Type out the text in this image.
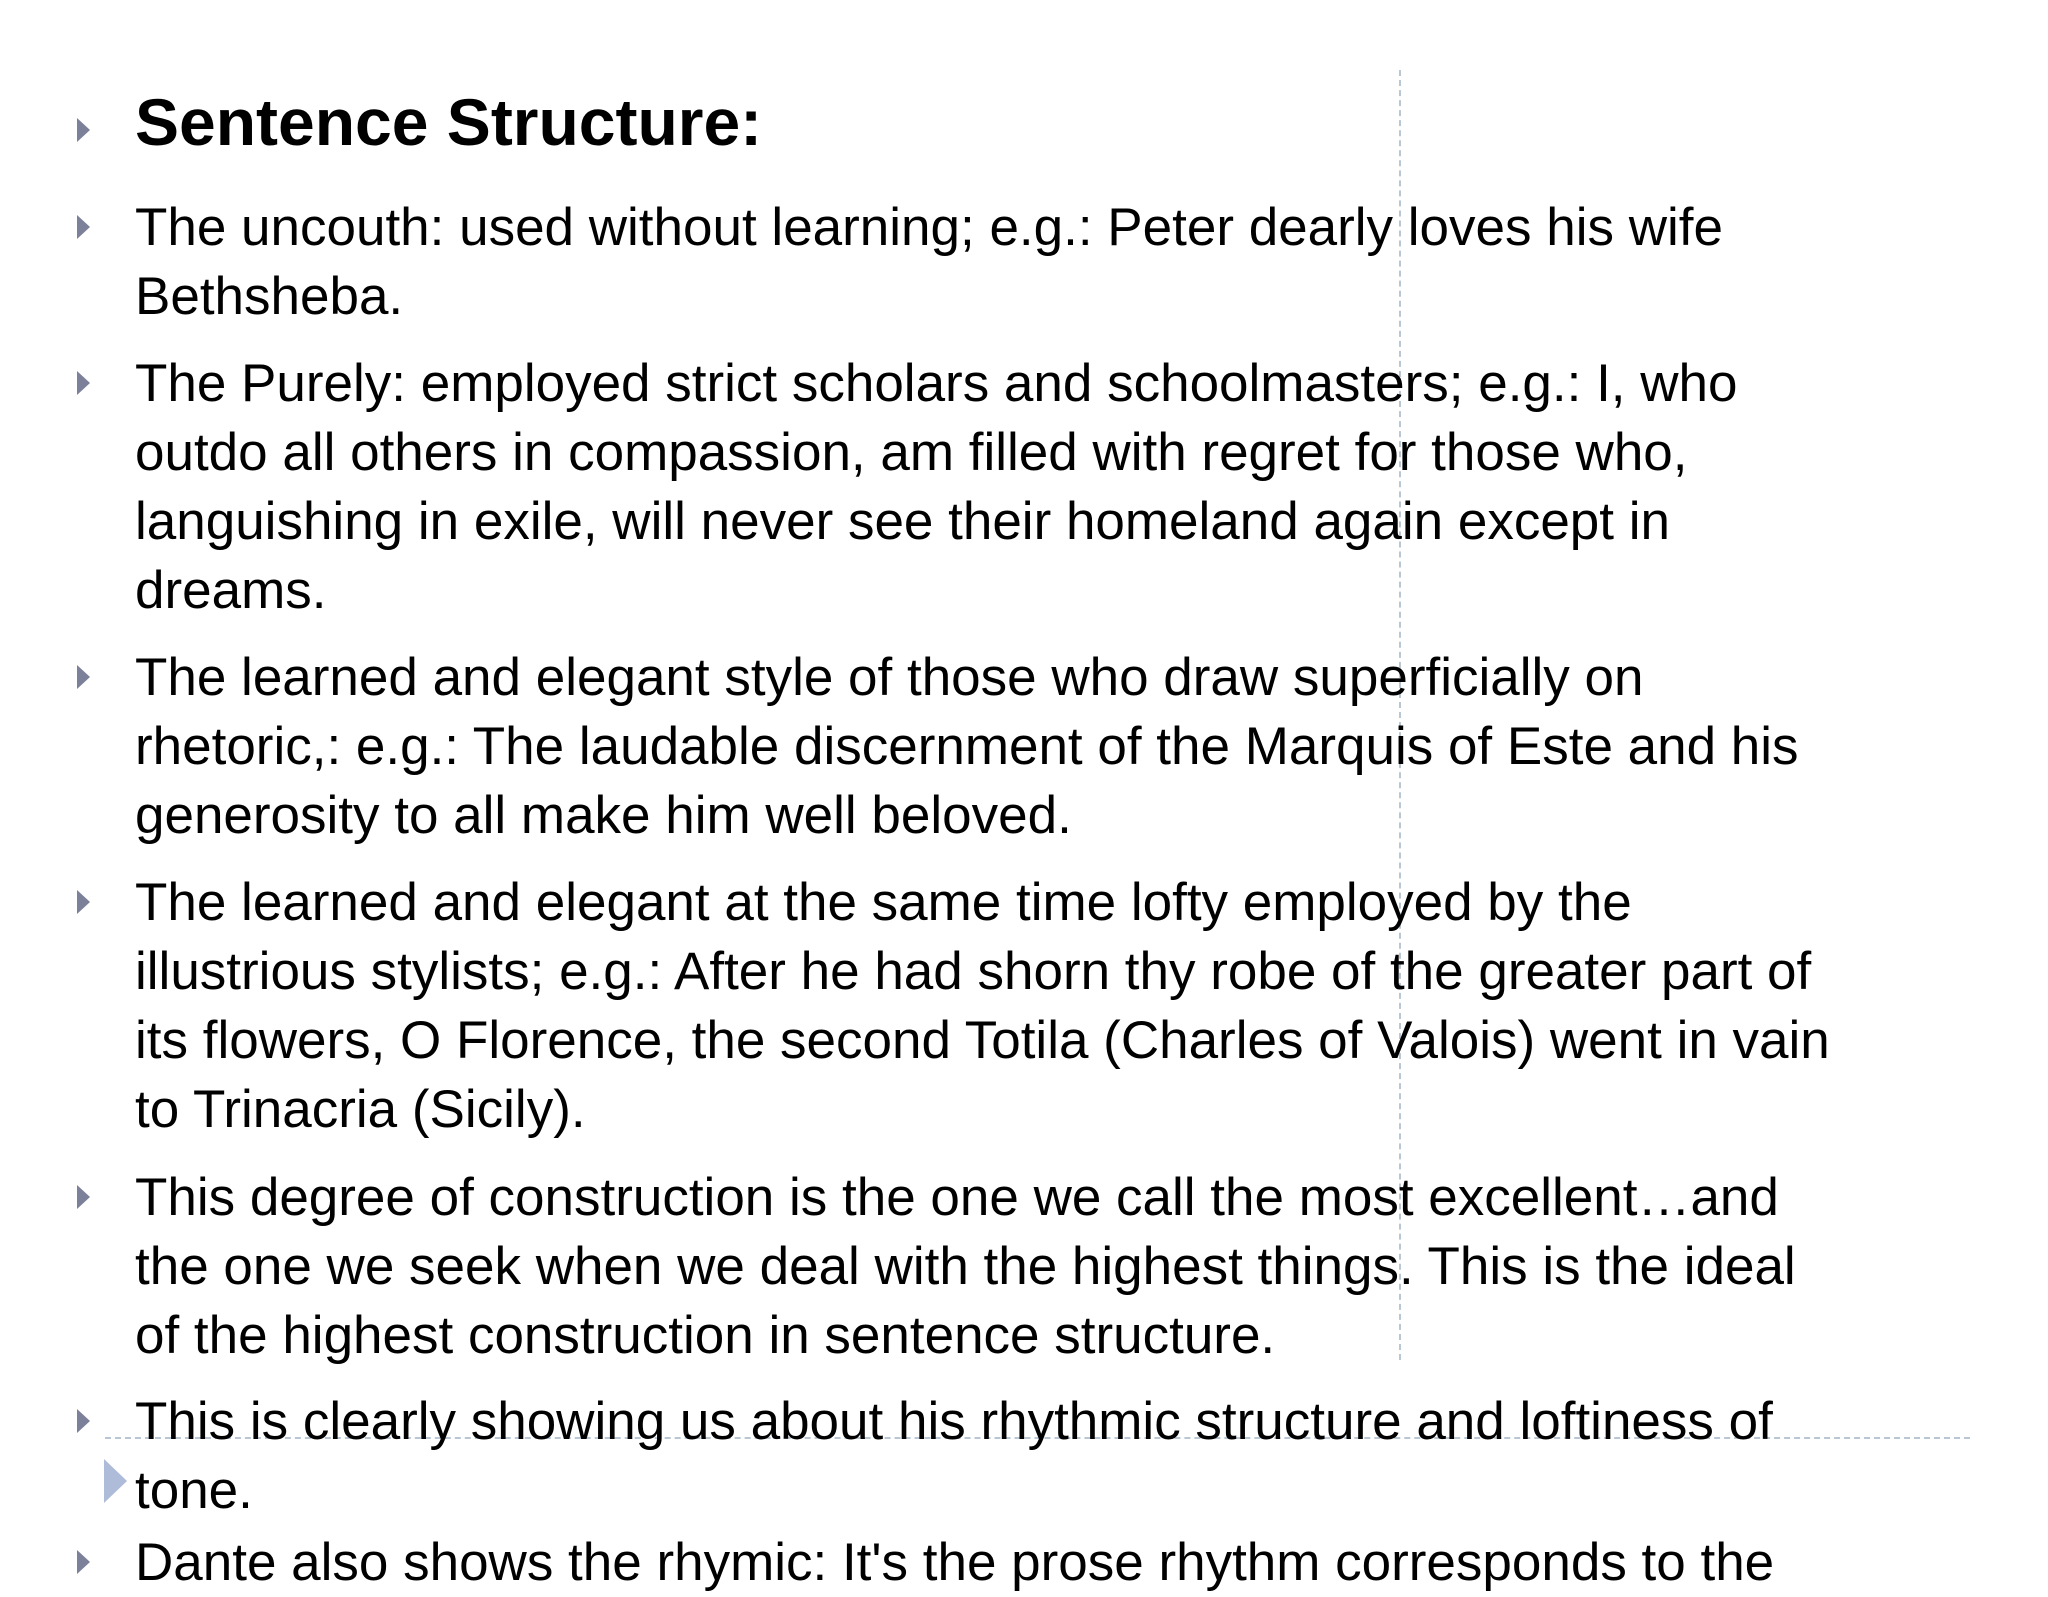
Sentence Structure:
The uncouth: used without learning; e.g.: Peter dearly loves his wife
Bethsheba.
The Purely: employed strict scholars and schoolmasters; e.g.: I, who
outdo all others in compassion, am filled with regret for those who,
languishing in exile, will never see their homeland again except in
dreams.
The learned and elegant style of those who draw superficially on
rhetoric,: e.g.: The laudable discernment of the Marquis of Este and his
generosity to all make him well beloved.
The learned and elegant at the same time lofty employed by the
illustrious stylists; e.g.: After he had shorn thy robe of the greater part of
its flowers, O Florence, the second Totila (Charles of Valois) went in vain
to Trinacria (Sicily).
This degree of construction is the one we call the most excellent…and
the one we seek when we deal with the highest things. This is the ideal
of the highest construction in sentence structure.
This is clearly showing us about his rhythmic structure and loftiness of
tone.
Dante also shows the rhymic: It's the prose rhythm corresponds to the
